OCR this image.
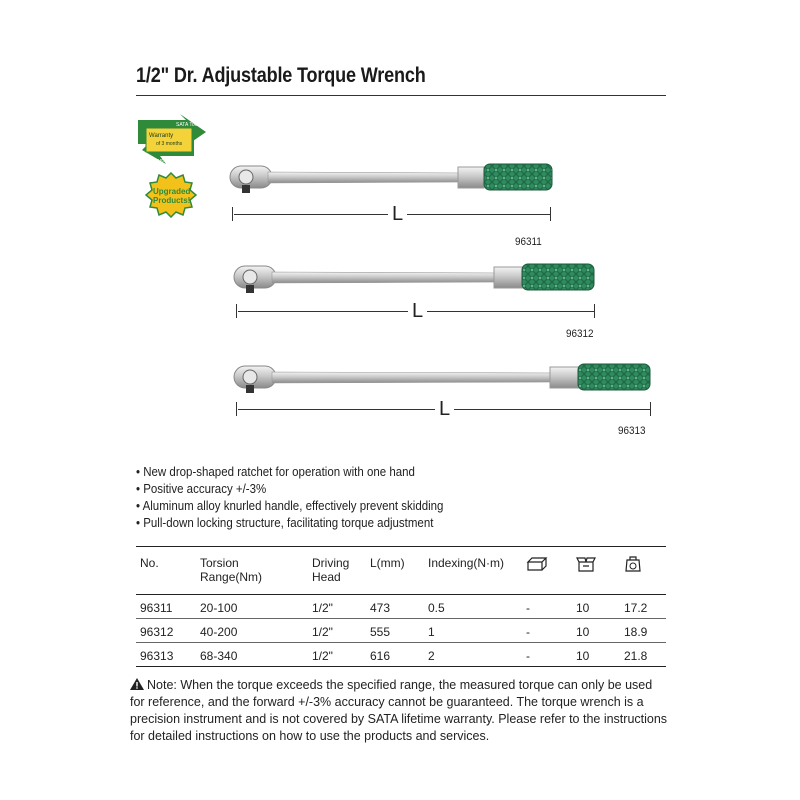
1/2" Dr. Adjustable Torque Wrench
SATA Tools
Warranty
of 3 months
GUARANTEED
Upgraded
Products!
L
96311
L
96312
L
96313
• New drop-shaped ratchet for operation with one hand
• Positive accuracy +/-3%
• Aluminum alloy knurled handle, effectively prevent skidding
• Pull-down locking structure, facilitating torque adjustment
No.	Torsion Range(Nm)	Driving Head	L(mm)	Indexing(N·m)			
96311	20-100	1/2"	473	0.5	-	10	17.2
96312	40-200	1/2"	555	1	-	10	18.9
96313	68-340	1/2"	616	2	-	10	21.8
Note: When the torque exceeds the specified range, the measured torque can only be used for reference, and the forward +/-3% accuracy cannot be guaranteed. The torque wrench is a precision instrument and is not covered by SATA lifetime warranty. Please refer to the instructions for detailed instructions on how to use the products and services.
